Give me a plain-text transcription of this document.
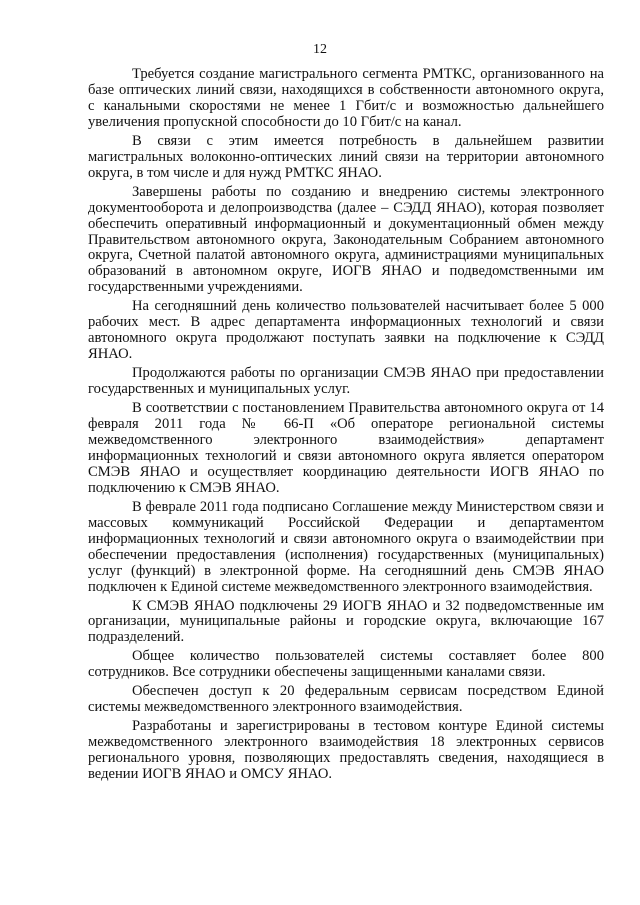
12

Требуется создание магистрального сегмента РМТКС, организованного на базе оптических линий связи, находящихся в собственности автономного округа, с канальными скоростями не менее 1 Гбит/с и возможностью дальнейшего увеличения пропускной способности до 10 Гбит/с на канал.

В связи с этим имеется потребность в дальнейшем развитии магистральных волоконно-оптических линий связи на территории автономного округа, в том числе и для нужд РМТКС ЯНАО.

Завершены работы по созданию и внедрению системы электронного документооборота и делопроизводства (далее – СЭДД ЯНАО), которая позволяет обеспечить оперативный информационный и документационный обмен между Правительством автономного округа, Законодательным Собранием автономного округа, Счетной палатой автономного округа, администрациями муниципальных образований в автономном округе, ИОГВ ЯНАО и подведомственными им государственными учреждениями.

На сегодняшний день количество пользователей насчитывает более 5 000 рабочих мест. В адрес департамента информационных технологий и связи автономного округа продолжают поступать заявки на подключение к СЭДД ЯНАО.

Продолжаются работы по организации СМЭВ ЯНАО при предоставлении государственных и муниципальных услуг.

В соответствии с постановлением Правительства автономного округа от 14 февраля 2011 года № 66-П «Об операторе региональной системы межведомственного электронного взаимодействия» департамент информационных технологий и связи автономного округа является оператором СМЭВ ЯНАО и осуществляет координацию деятельности ИОГВ ЯНАО по подключению к СМЭВ ЯНАО.

В феврале 2011 года подписано Соглашение между Министерством связи и массовых коммуникаций Российской Федерации и департаментом информационных технологий и связи автономного округа о взаимодействии при обеспечении предоставления (исполнения) государственных (муниципальных) услуг (функций) в электронной форме. На сегодняшний день СМЭВ ЯНАО подключен к Единой системе межведомственного электронного взаимодействия.

К СМЭВ ЯНАО подключены 29 ИОГВ ЯНАО и 32 подведомственные им организации, муниципальные районы и городские округа, включающие 167 подразделений.

Общее количество пользователей системы составляет более 800 сотрудников. Все сотрудники обеспечены защищенными каналами связи.

Обеспечен доступ к 20 федеральным сервисам посредством Единой системы межведомственного электронного взаимодействия.

Разработаны и зарегистрированы в тестовом контуре Единой системы межведомственного электронного взаимодействия 18 электронных сервисов регионального уровня, позволяющих предоставлять сведения, находящиеся в ведении ИОГВ ЯНАО и ОМСУ ЯНАО.
